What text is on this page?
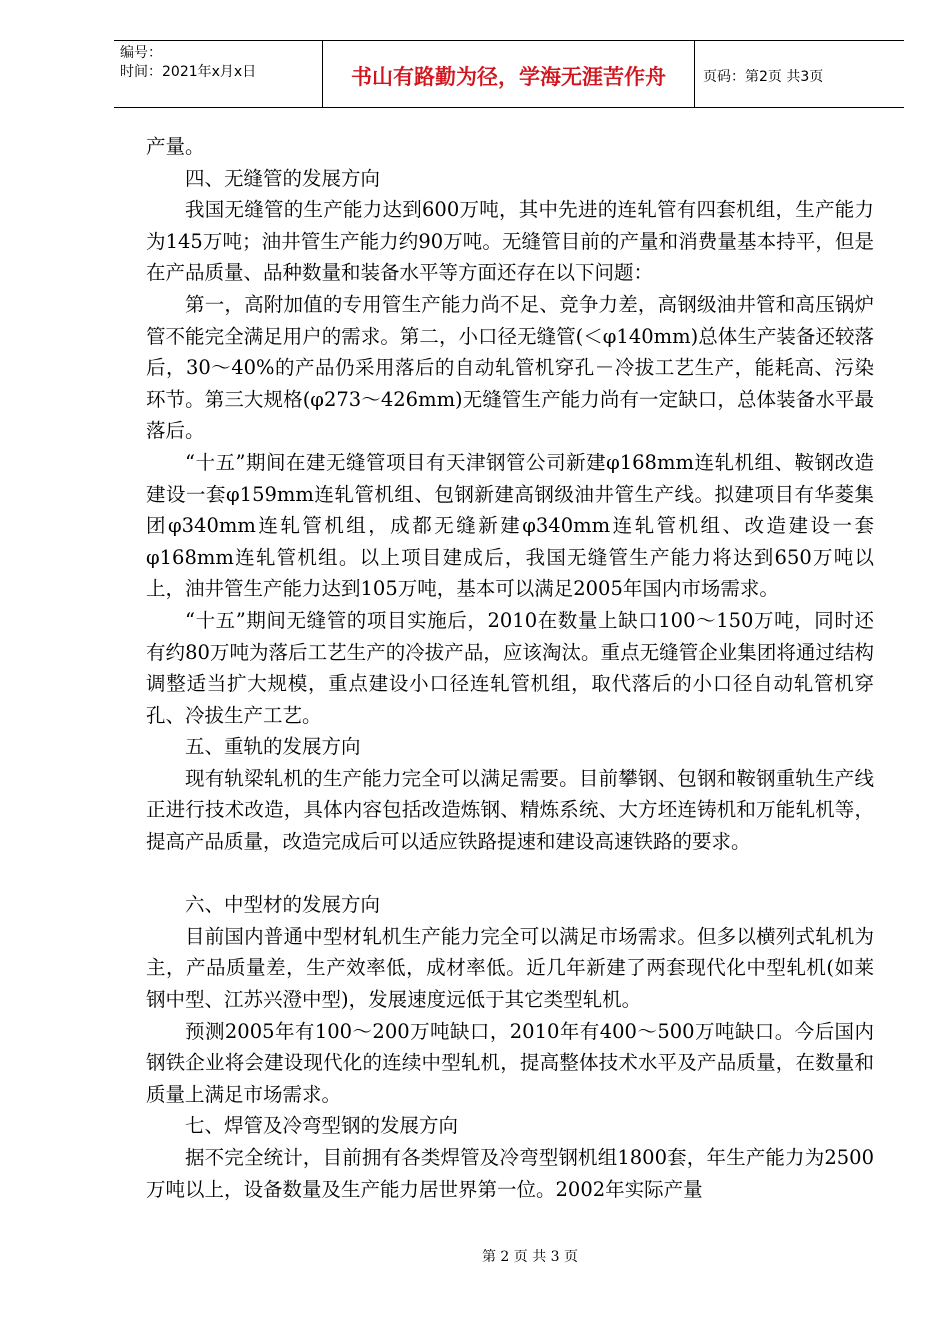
编号：
时间：2021年x月x日	书山有路勤为径，学海无涯苦作舟	页码：第2页 共3页

产量。

四、无缝管的发展方向

我国无缝管的生产能力达到600万吨，其中先进的连轧管有四套机组，生产能力为145万吨；油井管生产能力约90万吨。无缝管目前的产量和消费量基本持平，但是在产品质量、品种数量和装备水平等方面还存在以下问题：

第一，高附加值的专用管生产能力尚不足、竞争力差，高钢级油井管和高压锅炉管不能完全满足用户的需求。第二，小口径无缝管(＜φ140mm)总体生产装备还较落后，30～40%的产品仍采用落后的自动轧管机穿孔－冷拔工艺生产，能耗高、污染环节。第三大规格(φ273～426mm)无缝管生产能力尚有一定缺口，总体装备水平最落后。

“十五”期间在建无缝管项目有天津钢管公司新建φ168mm连轧机组、鞍钢改造建设一套φ159mm连轧管机组、包钢新建高钢级油井管生产线。拟建项目有华菱集团φ340mm连轧管机组，成都无缝新建φ340mm连轧管机组、改造建设一套φ168mm连轧管机组。以上项目建成后，我国无缝管生产能力将达到650万吨以上，油井管生产能力达到105万吨，基本可以满足2005年国内市场需求。

“十五”期间无缝管的项目实施后，2010在数量上缺口100～150万吨，同时还有约80万吨为落后工艺生产的冷拔产品，应该淘汰。重点无缝管企业集团将通过结构调整适当扩大规模，重点建设小口径连轧管机组，取代落后的小口径自动轧管机穿孔、冷拔生产工艺。

五、重轨的发展方向

现有轨梁轧机的生产能力完全可以满足需要。目前攀钢、包钢和鞍钢重轨生产线正进行技术改造，具体内容包括改造炼钢、精炼系统、大方坯连铸机和万能轧机等，提高产品质量，改造完成后可以适应铁路提速和建设高速铁路的要求。

六、中型材的发展方向

目前国内普通中型材轧机生产能力完全可以满足市场需求。但多以横列式轧机为主，产品质量差，生产效率低，成材率低。近几年新建了两套现代化中型轧机(如莱钢中型、江苏兴澄中型)，发展速度远低于其它类型轧机。

预测2005年有100～200万吨缺口，2010年有400～500万吨缺口。今后国内钢铁企业将会建设现代化的连续中型轧机，提高整体技术水平及产品质量，在数量和质量上满足市场需求。

七、焊管及冷弯型钢的发展方向

据不完全统计，目前拥有各类焊管及冷弯型钢机组1800套，年生产能力为2500万吨以上，设备数量及生产能力居世界第一位。2002年实际产量

第 2 页 共 3 页
